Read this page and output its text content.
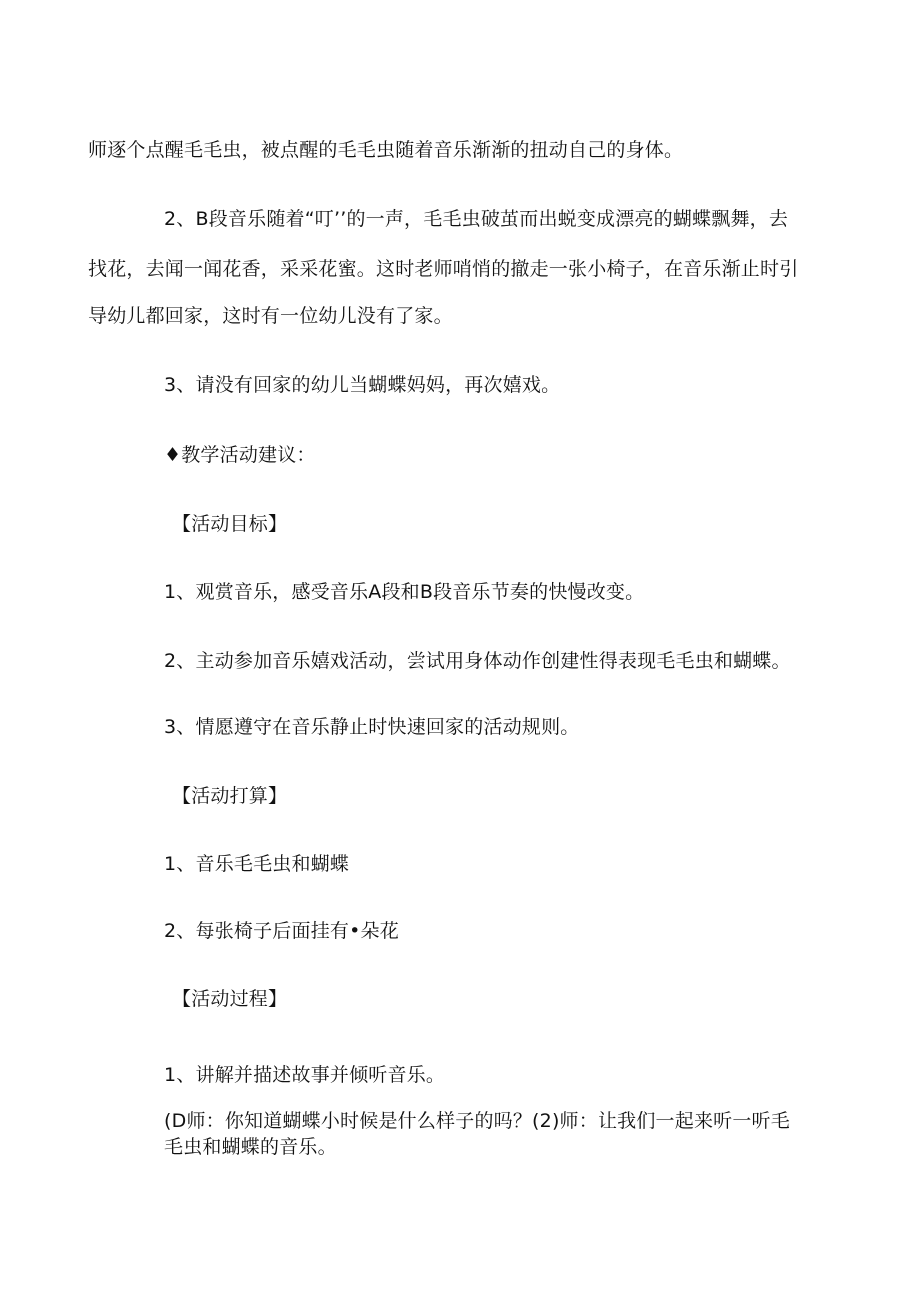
师逐个点醒毛毛虫，被点醒的毛毛虫随着音乐渐渐的扭动自己的身体。
2、B段音乐随着“叮’’的一声，毛毛虫破茧而出蜕变成漂亮的蝴蝶飘舞，去
找花，去闻一闻花香，采采花蜜。这时老师哨悄的撤走一张小椅子，在音乐渐止时引
导幼儿都回家，这时有一位幼儿没有了家。
3、请没有回家的幼儿当蝴蝶妈妈，再次嬉戏。
♦教学活动建议：
【活动目标】
1、观赏音乐，感受音乐A段和B段音乐节奏的快慢改变。
2、主动参加音乐嬉戏活动，尝试用身体动作创建性得表现毛毛虫和蝴蝶。
3、情愿遵守在音乐静止时快速回家的活动规则。
【活动打算】
1、音乐毛毛虫和蝴蝶
2、每张椅子后面挂有•朵花
【活动过程】
1、讲解并描述故事并倾听音乐。
(D师：你知道蝴蝶小时候是什么样子的吗？(2)师：让我们一起来听一听毛
毛虫和蝴蝶的音乐。
